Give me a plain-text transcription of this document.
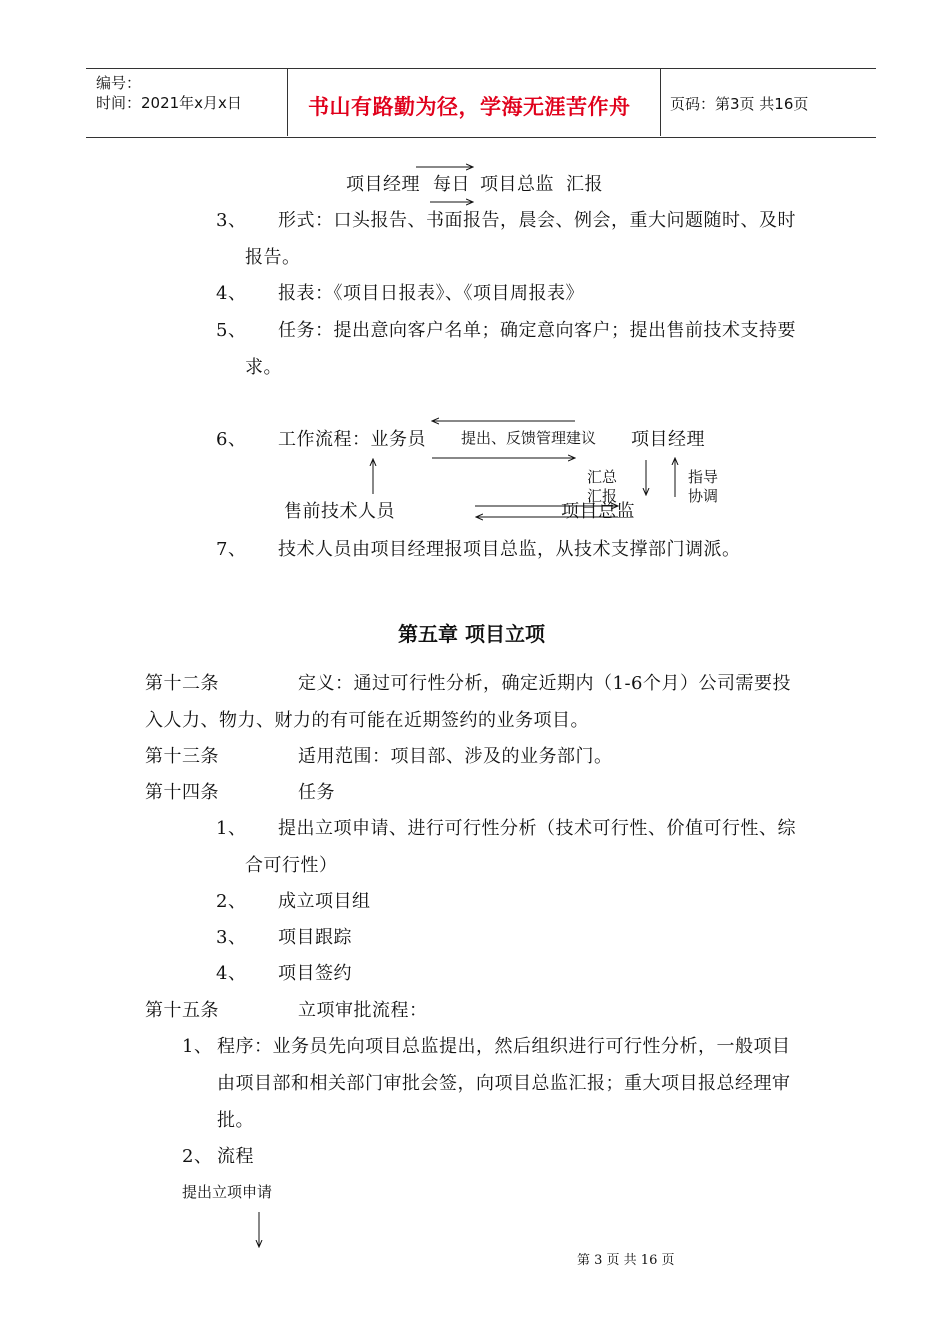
编号：
时间：2021年x月x日	书山有路勤为径，学海无涯苦作舟	页码：第3页 共16页
项目经理 每日 项目总监 汇报
3、 形式：口头报告、书面报告，晨会、例会，重大问题随时、及时
报告。
4、 报表：《项目日报表》、《项目周报表》
5、 任务：提出意向客户名单；确定意向客户；提出售前技术支持要
求。
6、 工作流程：业务员 提出、反馈管理建议 项目经理
汇总
汇报
指导
协调
售前技术人员	项目总监
7、 技术人员由项目经理报项目总监，从技术支撑部门调派。
第五章 项目立项
第十二条	定义：通过可行性分析，确定近期内（1-6个月）公司需要投
入人力、物力、财力的有可能在近期签约的业务项目。
第十三条	适用范围：项目部、涉及的业务部门。
第十四条	任务
1、 提出立项申请、进行可行性分析（技术可行性、价值可行性、综
合可行性）
2、 成立项目组
3、 项目跟踪
4、 项目签约
第十五条	立项审批流程：
1、 程序：业务员先向项目总监提出，然后组织进行可行性分析，一般项目
由项目部和相关部门审批会签，向项目总监汇报；重大项目报总经理审
批。
2、 流程
提出立项申请
第 3 页 共 16 页
